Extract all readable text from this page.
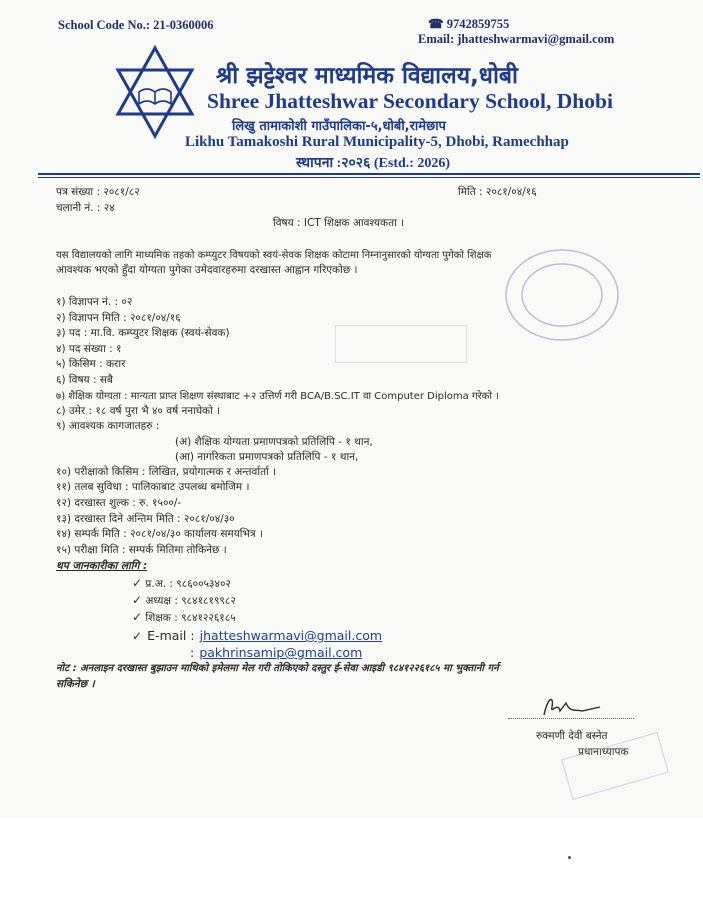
School Code No.: 21-0360006	☎ 9742859755
Email: jhatteshwarmavi@gmail.com
श्री झट्टेश्वर माध्यमिक विद्यालय,धोबी
Shree Jhatteshwar Secondary School, Dhobi
लिखु तामाकोशी गाउँपालिका-५,धोबी,रामेछाप
Likhu Tamakoshi Rural Municipality-5, Dhobi, Ramechhap
स्थापना :२०२६ (Estd.: 2026)
पत्र संख्या : २०८१/८२
चलानी नं. : २४
मिति : २०८१/०४/१६
विषय : ICT शिक्षक आवश्यकता ।
यस विद्यालयको लागि माध्यमिक तहको कम्प्युटर विषयको स्वयं-सेवक शिक्षक कोटामा निम्नानुसारको योग्यता पुगेको शिक्षक
आवश्यक भएको हुँदा योग्यता पुगेका उमेदवारहरुमा दरखास्त आह्वान गरिएकोछ ।
१) विज्ञापन नं. : ०२
२) विज्ञापन मिति : २०८१/०४/१६
३) पद : मा.वि. कम्प्युटर शिक्षक (स्वयं-सेवक)
४) पद संख्या : १
५) किसिम : करार
६) विषय : सबै
७) शैक्षिक योग्यता : मान्यता प्राप्त शिक्षण संस्थाबाट +२ उत्तिर्ण गरी BCA/B.SC.IT वा Computer Diploma गरेको ।
८) उमेर : १८ वर्ष पुरा भै ४० वर्ष ननाघेको ।
९) आवश्यक कागजातहरु :
(अ) शैक्षिक योग्यता प्रमाणपत्रको प्रतिलिपि - १ थान,
(आ) नागरिकता प्रमाणपत्रको प्रतिलिपि - १ थान,
१०) परीक्षाको किसिम : लिखित, प्रयोगात्मक र अन्तर्वार्ता ।
११) तलब सुविधा : पालिकाबाट उपलब्ध बमोजिम ।
१२) दरखास्त शुल्क : रु. १५००/-
१३) दरखास्त दिने अन्तिम मिति : २०८१/०४/३०
१४) सम्पर्क मिति : २०८१/०४/३० कार्यालय समयभित्र ।
१५) परीक्षा मिति : सम्पर्क मितिमा तोकिनेछ ।
थप जानकारीका लागि :
✓ प्र.अ. : ९८६००५३४०२
✓ अध्यक्ष : ९८४१८१९९८२
✓ शिक्षक : ९८४१२२६१८५
✓ E-mail : jhatteshwarmavi@gmail.com
: pakhrinsamip@gmail.com
नोट : अनलाइन दरखास्त बुझाउन माथिको इमेलमा मेल गरी तोकिएको दस्तुर ई-सेवा आइडी ९८४१२२६१८५ मा भुक्तानी गर्न
सकिनेछ ।
रुक्मणी देवी बस्नेत
प्रधानाध्यापक
